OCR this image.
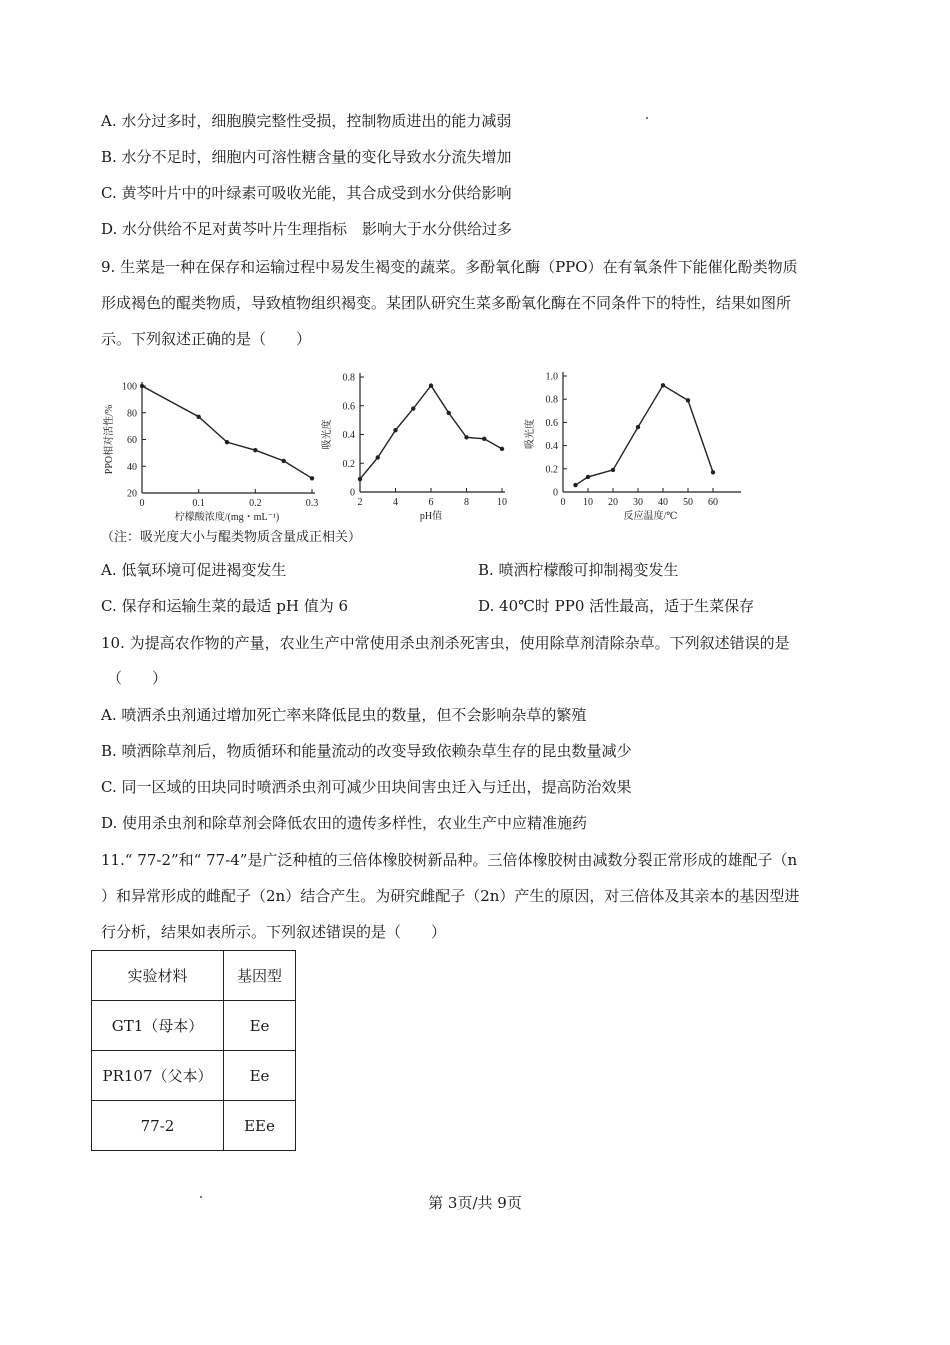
A. 水分过多时，细胞膜完整性受损，控制物质进出的能力减弱
B. 水分不足时，细胞内可溶性糖含量的变化导致水分流失增加
C. 黄芩叶片中的叶绿素可吸收光能，其合成受到水分供给影响
D. 水分供给不足对黄芩叶片生理指标　影响大于水分供给过多
9. 生菜是一种在保存和运输过程中易发生褐变的蔬菜。多酚氧化酶（PPO）在有氧条件下能催化酚类物质
形成褐色的醌类物质，导致植物组织褐变。某团队研究生菜多酚氧化酶在不同条件下的特性，结果如图所
示。下列叙述正确的是（　　）
20
40
60
80
100
0	0.1	0.2	0.3
柠檬酸浓度/(mg・mL⁻¹)
PPO相对活性/%
0
0.2
0.4
0.6
0.8
2	4	6	8	10
pH值
吸光度
0
0.2
0.4
0.6
0.8
1.0
0 10 20 30 40 50 60
反应温度/℃
吸光度
（注：吸光度大小与醌类物质含量成正相关）
A. 低氧环境可促进褐变发生	B. 喷洒柠檬酸可抑制褐变发生
C. 保存和运输生菜的最适 pH 值为 6	D. 40℃时 PP0 活性最高，适于生菜保存
10. 为提高农作物的产量，农业生产中常使用杀虫剂杀死害虫，使用除草剂清除杂草。下列叙述错误的是
（　　）
A. 喷洒杀虫剂通过增加死亡率来降低昆虫的数量，但不会影响杂草的繁殖
B. 喷洒除草剂后，物质循环和能量流动的改变导致依赖杂草生存的昆虫数量减少
C. 同一区域的田块同时喷洒杀虫剂可减少田块间害虫迁入与迁出，提高防治效果
D. 使用杀虫剂和除草剂会降低农田的遗传多样性，农业生产中应精准施药
11.“ 77-2”和“ 77-4”是广泛种植的三倍体橡胶树新品种。三倍体橡胶树由减数分裂正常形成的雄配子（n
）和异常形成的雌配子（2n）结合产生。为研究雌配子（2n）产生的原因，对三倍体及其亲本的基因型进
行分析，结果如表所示。下列叙述错误的是（　　）
实验材料	基因型
GT1（母本）	Ee
PR107（父本）	Ee
77-2	EEe
第 3页/共 9页
